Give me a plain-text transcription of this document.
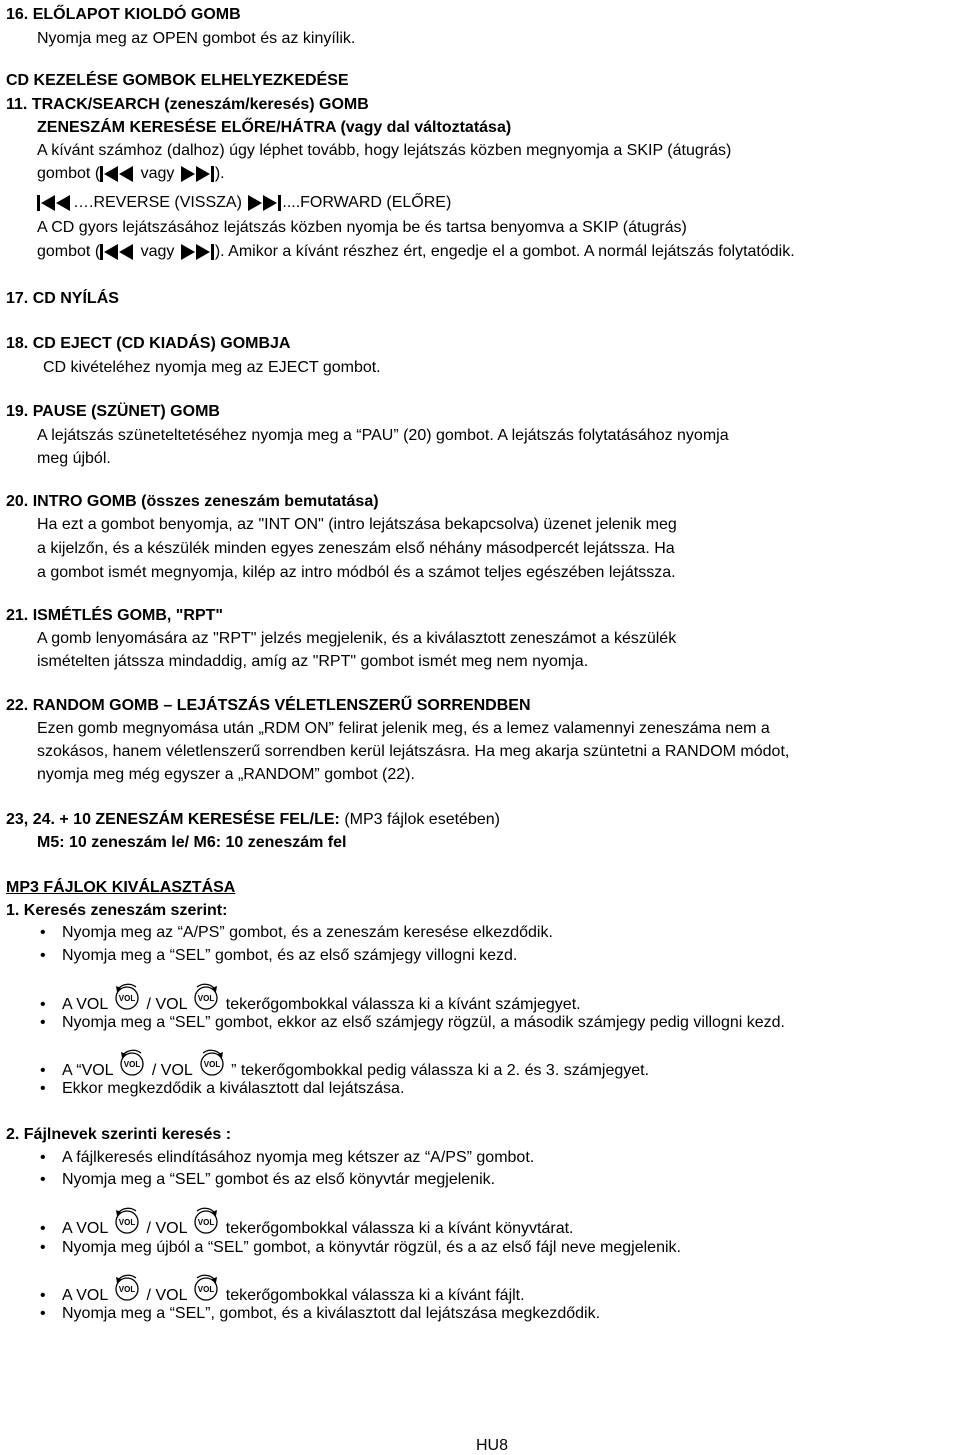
16. ELŐLAPOT KIOLDÓ GOMB
Nyomja meg az OPEN gombot és az kinyílik.
CD KEZELÉSE GOMBOK ELHELYEZKEDÉSE
11. TRACK/SEARCH (zeneszám/keresés) GOMB
ZENESZÁM KERESÉSE ELŐRE/HÁTRA (vagy dal változtatása)
A kívánt számhoz (dalhoz) úgy léphet tovább, hogy lejátszás közben megnyomja a SKIP (átugrás)
gombot ( vagy ).
….REVERSE (VISSZA)	....FORWARD (ELŐRE)
A CD gyors lejátszásához lejátszás közben nyomja be és tartsa benyomva a SKIP (átugrás)
gombot ( vagy ). Amikor a kívánt részhez ért, engedje el a gombot. A normál lejátszás folytatódik.
17. CD NYÍLÁS
18. CD EJECT (CD KIADÁS) GOMBJA
CD kivételéhez nyomja meg az EJECT gombot.
19. PAUSE (SZÜNET) GOMB
A lejátszás szüneteltetéséhez nyomja meg a “PAU” (20) gombot. A lejátszás folytatásához nyomja
meg újból.
20. INTRO GOMB (összes zeneszám bemutatása)
Ha ezt a gombot benyomja, az "INT ON" (intro lejátszása bekapcsolva) üzenet jelenik meg
a kijelzőn, és a készülék minden egyes zeneszám első néhány másodpercét lejátssza. Ha
a gombot ismét megnyomja, kilép az intro módból és a számot teljes egészében lejátssza.
21. ISMÉTLÉS GOMB, "RPT"
A gomb lenyomására az "RPT" jelzés megjelenik, és a kiválasztott zeneszámot a készülék
ismételten játssza mindaddig, amíg az "RPT" gombot ismét meg nem nyomja.
22. RANDOM GOMB – LEJÁTSZÁS VÉLETLENSZERŰ SORRENDBEN
Ezen gomb megnyomása után „RDM ON” felirat jelenik meg, és a lemez valamennyi zeneszáma nem a
szokásos, hanem véletlenszerű sorrendben kerül lejátszásra. Ha meg akarja szüntetni a RANDOM módot,
nyomja meg még egyszer a „RANDOM” gombot (22).
23, 24. + 10 ZENESZÁM KERESÉSE FEL/LE: (MP3 fájlok esetében)
M5: 10 zeneszám le/ M6: 10 zeneszám fel
MP3 FÁJLOK KIVÁLASZTÁSA
1. Keresés zeneszám szerint:
• Nyomja meg az “A/PS” gombot, és a zeneszám keresése elkezdődik.
• Nyomja meg a “SEL” gombot, és az első számjegy villogni kezd.
• A VOL  / VOL  tekerőgombokkal válassza ki a kívánt számjegyet.
• Nyomja meg a “SEL” gombot, ekkor az első számjegy rögzül, a második számjegy pedig villogni kezd.
• A “VOL  / VOL  ” tekerőgombokkal pedig válassza ki a 2. és 3. számjegyet.
• Ekkor megkezdődik a kiválasztott dal lejátszása.
2. Fájlnevek szerinti keresés :
• A fájlkeresés elindításához nyomja meg kétszer az “A/PS” gombot.
• Nyomja meg a “SEL” gombot és az első könyvtár megjelenik.
• A VOL  / VOL  tekerőgombokkal válassza ki a kívánt könyvtárat.
• Nyomja meg újból a “SEL” gombot, a könyvtár rögzül, és a az első fájl neve megjelenik.
• A VOL  / VOL  tekerőgombokkal válassza ki a kívánt fájlt.
• Nyomja meg a “SEL”, gombot, és a kiválasztott dal lejátszása megkezdődik.
HU8
